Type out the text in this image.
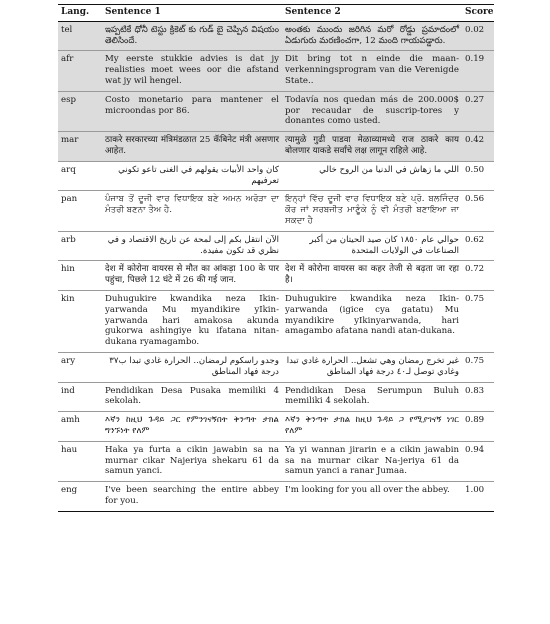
Lang.	Sentence 1	Sentence 2	Score
tel	ఇప్పటికే ధోనీ టెస్టు క్రికెట్ కు గుడ్ బై చెప్పిన విషయం తెలిసిందే.	అంతకు ముందు జరిగిన మరో రోడ్డు ప్రమాదంలో ఏడుగురు మరణించగా, 12 మంది గాయపడ్డారు.	0.02
afr	My eerste stukkie advies is dat jy realisties moet wees oor die afstand wat jy wil hengel.	Dit bring tot n einde die maan-verkenningsprogram van die Verenigde State..	0.19
esp	Costo monetario para mantener el microondas por 86.	Todavía nos quedan más de 200.000$ por recaudar de suscrip-tores y donantes como usted.	0.27
mar	ठाकरे सरकारच्या मंत्रिमंडळात 25 कॅबिनेट मंत्री असणार आहेत.	त्यामुळे गुढी पाडवा मेळाव्यामध्ये राज ठाकरे काय बोलणार याकडे सर्वांचे लक्ष लागून राहिले आहे.	0.42
arq	كان واحد الأبيات يقولهم في الغنى تاعو تكوني تعرفيهم	اللي ما زهاش في الدنيا من الروح خالي	0.50
pan	ਪੰਜਾਬ ਤੋਂ ਦੂਜੀ ਵਾਰ ਵਿਧਾਇਕ ਬਣੇ ਅਮਨ ਅਰੋੜਾ ਦਾ ਮੰਤਰੀ ਬਣਨਾ ਤੈਅ ਹੈ.	ਇਨ੍ਹਾਂ ਵਿੱਚ ਦੂਜੀ ਵਾਰ ਵਿਧਾਇਕ ਬਣੇ ਪ੍ਰੋ. ਬਲਜਿੰਦਰ ਕੌਰ ਜਾਂ ਸਰਬਜੀਤ ਮਾਣੂੰਕੇ ਨੂੰ ਵੀ ਮੰਤਰੀ ਬਣਾਇਆ ਜਾ ਸਕਦਾ ਹੈ	0.56
arb	الآن انتقل بكم إلى لمحة عن تاريخ الاقتصاد و في نظري قد تكون مفيدة.	حوالي عام ١٨٥٠ كان صيد الحيتان من أكبر الصناعات في الولايات المتحدة	0.62
hin	देश में कोरोना वायरस से मौत का आंकड़ा 100 के पार पहुंचा, पिछले 12 घंटे में 26 की गई जान.	देश में कोरोना वायरस का कहर तेजी से बढ़ता जा रहा है।	0.72
kin	Duhugukire kwandika neza Ikin-yarwanda Mu myandikire yIkin-yarwanda hari amakosa akunda gukorwa ashingiye ku ifatana nitan-dukana ryamagambo.	Duhugukire kwandika neza Ikin-yarwanda (igice cya gatatu) Mu myandikire yIkinyarwanda, hari amagambo afatana nandi atan-dukana.	0.75
ary	وجدو راسكوم لرمضان.. الحرارة غادي تبدا ب٣٧ درجة فهاد المناطق	غير تخرج رمضان وهي تشعل.. الحرارة غادي تبدا وغادي توصل لـ٤٠ درجة فهاد المناطق	0.75
ind	Pendidikan Desa Pusaka memiliki 4 sekolah.	Pendidikan Desa Serumpun Buluh memiliki 4 sekolah.	0.83
amh	እኛን ከዚህ ጉዳይ ጋር የምንገናኝበት ቅንጣት ታክል ግንኙነት የለም	እኛን ቅንጣት ታክል ከዚህ ጉዳይ ጋ የሚያገናኝ ነገር የለም	0.89
hau	Haka ya furta a cikin jawabin sa na murnar cikar Najeriya shekaru 61 da samun yanci.	Ya yi wannan jirarin e a cikin jawabin sa na murnar cikar Na-jeriya 61 da samun yanci a ranar Jumaa.	0.94
eng	I've been searching the entire abbey for you.	I'm looking for you all over the abbey.	1.00
